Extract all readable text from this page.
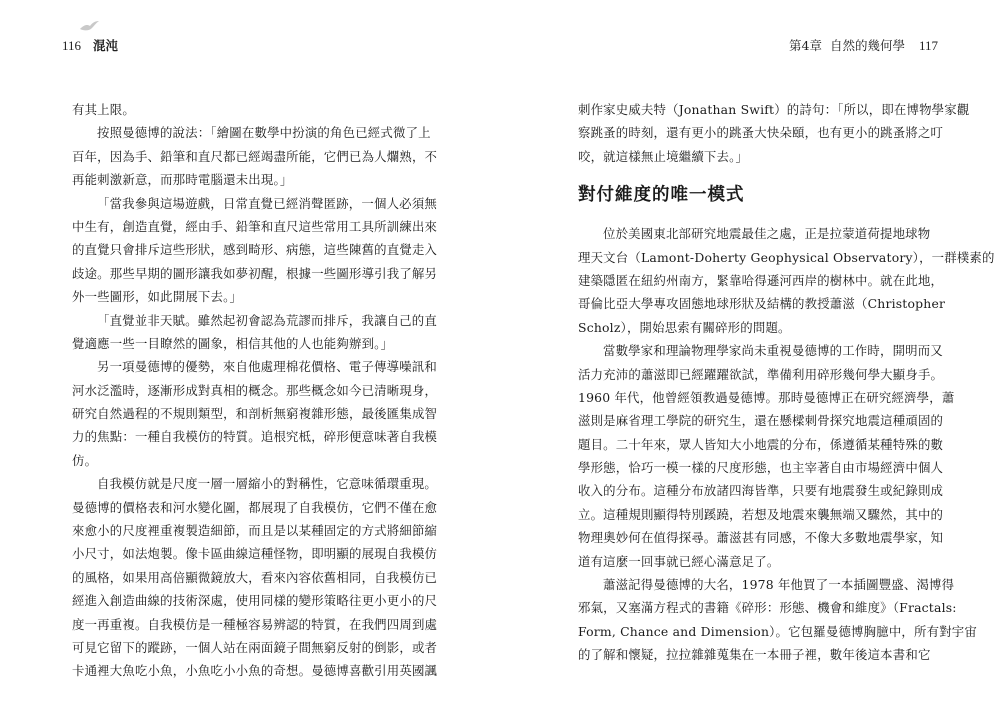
116 混沌
有其上限。
按照曼德博的說法：「繪圖在數學中扮演的角色已經式微了上
百年，因為手、鉛筆和直尺都已經竭盡所能，它們已為人爛熟，不
再能刺激新意，而那時電腦還未出現。」
「當我參與這場遊戲，日常直覺已經消聲匿跡，一個人必須無
中生有，創造直覺，經由手、鉛筆和直尺這些常用工具所訓練出來
的直覺只會排斥這些形狀，感到畸形、病態，這些陳舊的直覺走入
歧途。那些早期的圖形讓我如夢初醒，根據一些圖形導引我了解另
外一些圖形，如此開展下去。」
「直覺並非天賦。雖然起初會認為荒謬而排斥，我讓自己的直
覺適應一些一目瞭然的圖象，相信其他的人也能夠辦到。」
另一項曼德博的優勢，來自他處理棉花價格、電子傳導噪訊和
河水泛濫時，逐漸形成對真相的概念。那些概念如今已清晰現身，
研究自然過程的不規則類型，和剖析無窮複雜形態，最後匯集成智
力的焦點：一種自我模仿的特質。追根究柢，碎形便意味著自我模
仿。
自我模仿就是尺度一層一層縮小的對稱性，它意味循環重現。
曼德博的價格表和河水變化圖，都展現了自我模仿，它們不僅在愈
來愈小的尺度裡重複製造細節，而且是以某種固定的方式將細節縮
小尺寸，如法炮製。像卡區曲線這種怪物，即明顯的展現自我模仿
的風格，如果用高倍顯微鏡放大，看來內容依舊相同，自我模仿已
經進入創造曲線的技術深處，使用同樣的變形策略往更小更小的尺
度一再重複。自我模仿是一種極容易辨認的特質，在我們四周到處
可見它留下的蹤跡，一個人站在兩面鏡子間無窮反射的倒影，或者
卡通裡大魚吃小魚，小魚吃小小魚的奇想。曼德博喜歡引用英國諷
第4章 自然的幾何學 117
刺作家史威夫特（Jonathan Swift）的詩句：「所以，即在博物學家觀
察跳蚤的時刻，還有更小的跳蚤大快朵頤，也有更小的跳蚤將之叮
咬，就這樣無止境繼續下去。」
對付維度的唯一模式
位於美國東北部研究地震最佳之處，正是拉蒙道荷提地球物
理天文台（Lamont-Doherty Geophysical Observatory），一群樸素的
建築隱匿在紐約州南方，緊靠哈得遜河西岸的樹林中。就在此地，
哥倫比亞大學專攻固態地球形狀及結構的教授蕭滋（Christopher
Scholz），開始思索有關碎形的問題。
當數學家和理論物理學家尚未重視曼德博的工作時，開明而又
活力充沛的蕭滋即已經躍躍欲試，準備利用碎形幾何學大顯身手。
1960 年代，他曾經領教過曼德博。那時曼德博正在研究經濟學，蕭
滋則是麻省理工學院的研究生，還在懸樑刺骨探究地震這種頑固的
題目。二十年來，眾人皆知大小地震的分布，係遵循某種特殊的數
學形態，恰巧一模一樣的尺度形態，也主宰著自由市場經濟中個人
收入的分布。這種分布放諸四海皆準，只要有地震發生或紀錄則成
立。這種規則顯得特別蹊蹺，若想及地震來襲無端又驟然，其中的
物理奧妙何在值得探尋。蕭滋甚有同感，不像大多數地震學家，知
道有這麼一回事就已經心滿意足了。
蕭滋記得曼德博的大名，1978 年他買了一本插圖豐盛、渴博得
邪氣，又塞滿方程式的書籍《碎形：形態、機會和維度》（Fractals:
Form, Chance and Dimension）。它包羅曼德博胸臆中，所有對宇宙
的了解和懷疑，拉拉雜雜蒐集在一本冊子裡，數年後這本書和它
